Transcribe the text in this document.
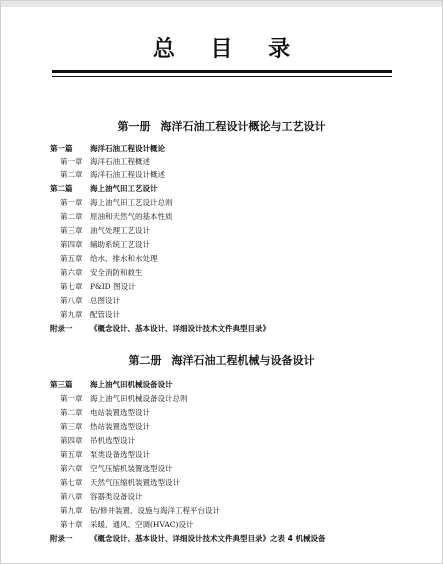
总 目 录
第一册 海洋石油工程设计概论与工艺设计
第一篇 海洋石油工程设计概论
第一章 海洋石油工程概述
第二章 海洋石油工程设计概述
第二篇 海上油气田工艺设计
第一章 海上油气田工艺设计总则
第二章 原油和天然气的基本性质
第三章 油气处理工艺设计
第四章 辅助系统工艺设计
第五章 给水、排水和水处理
第六章 安全消防和救生
第七章 P&ID 图设计
第八章 总图设计
第九章 配管设计
附录一 《概念设计、基本设计、详细设计技术文件典型目录》
第二册 海洋石油工程机械与设备设计
第三篇 海上油气田机械设备设计
第一章 海上油气田机械设备设计总则
第二章 电站装置选型设计
第三章 热站装置选型设计
第四章 吊机选型设计
第五章 泵类设备选型设计
第六章 空气压缩机装置选型设计
第七章 天然气压缩机装置选型设计
第八章 容器类设备设计
第九章 钻/修井装置、设施与海洋工程平台设计
第十章 采暖、通风、空调(HVAC)设计
附录一 《概念设计、基本设计、详细设计技术文件典型目录》之表 4 机械设备
